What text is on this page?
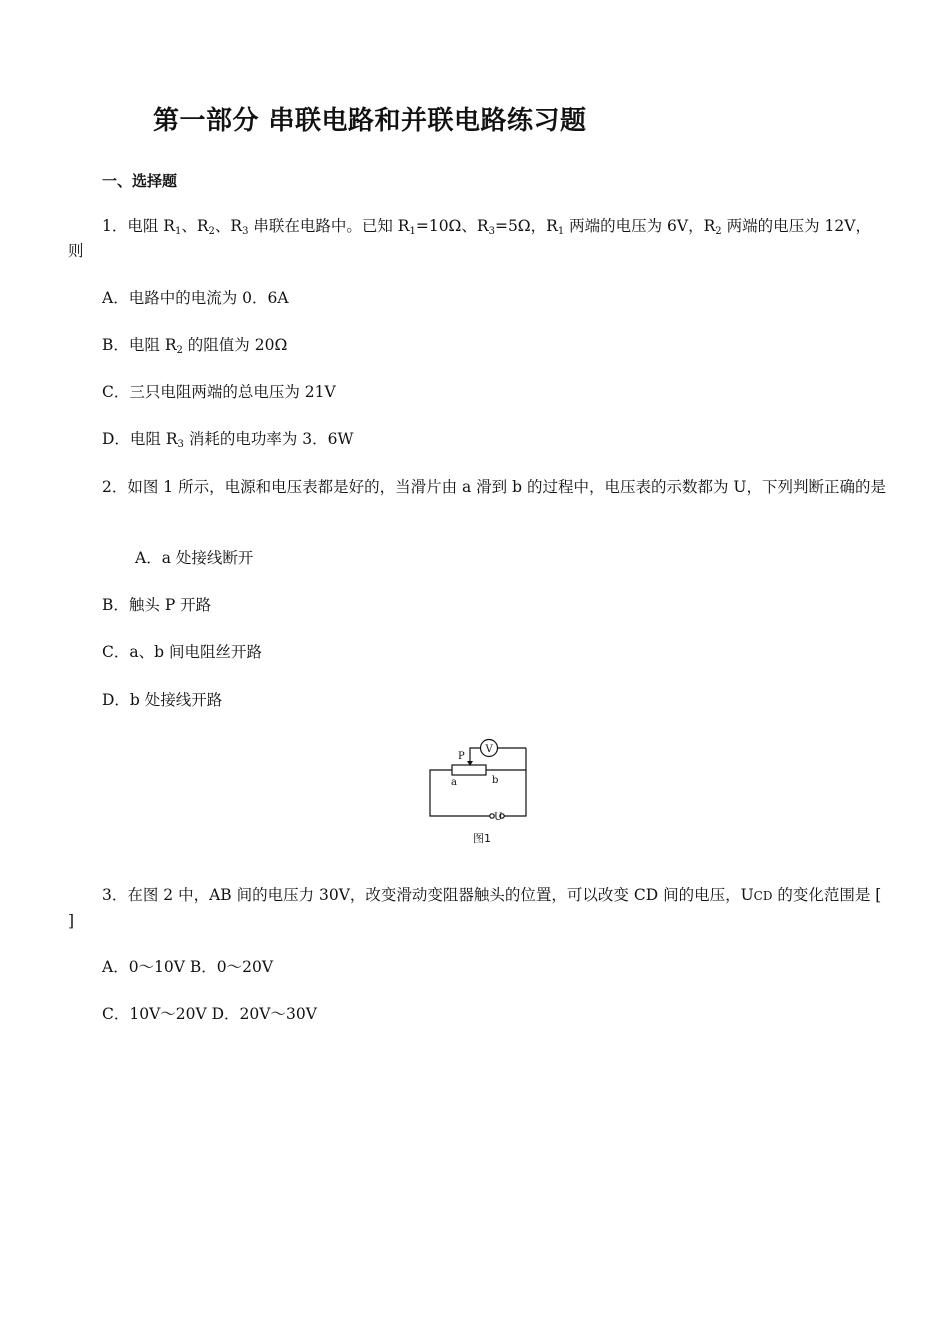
第一部分 串联电路和并联电路练习题
一、选择题
1．电阻 $R_1$、$R_2$、$R_3$ 串联在电路中。已知 $R_1=10\Omega$、$R_3=5\Omega$，$R_1$ 两端的电压为 6V，$R_2$ 两端的电压为 12V，则
A．电路中的电流为 0．6A
B．电阻 $R_2$ 的阻值为 20Ω
C．三只电阻两端的总电压为 21V
D．电阻 $R_3$ 消耗的电功率为 3．6W
2．如图 1 所示，电源和电压表都是好的，当滑片由 a 滑到 b 的过程中，电压表的示数都为 U，下列判断正确的是
A．a 处接线断开
B．触头 P 开路
C．a、b 间电阻丝开路
D．b 处接线开路
P
V
a	b
U
图1
3．在图 2 中，AB 间的电压力 30V，改变滑动变阻器触头的位置，可以改变 CD 间的电压，UCD 的变化范围是 [ ]
A．0～10V B．0～20V
C．10V～20V D．20V～30V
